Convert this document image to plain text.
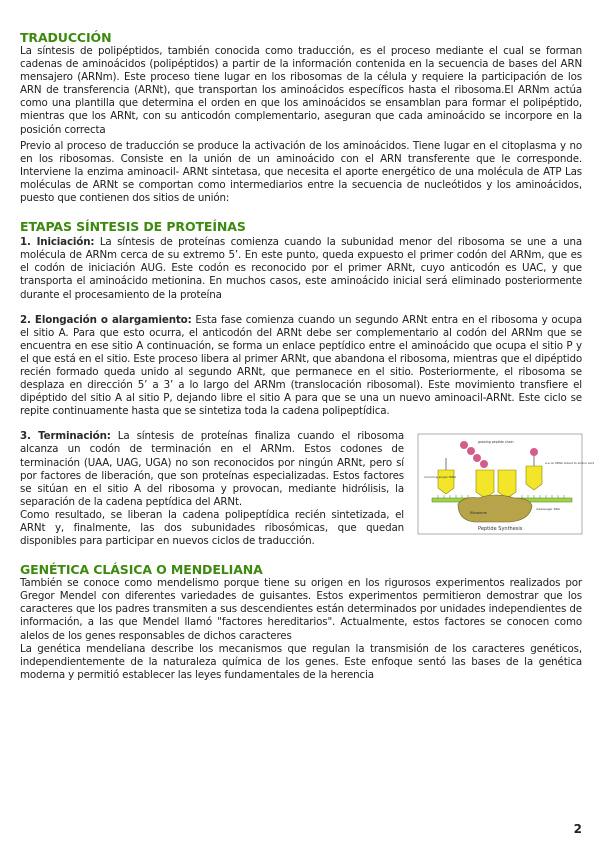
TRADUCCIÓN

La síntesis de polipéptidos, también conocida como traducción, es el proceso mediante el cual se forman cadenas de aminoácidos (polipéptidos) a partir de la información contenida en la secuencia de bases del ARN mensajero (ARNm). Este proceso tiene lugar en los ribosomas de la célula y requiere la participación de los ARN de transferencia (ARNt), que transportan los aminoácidos específicos hasta el ribosoma.El ARNm actúa como una plantilla que determina el orden en que los aminoácidos se ensamblan para formar el polipéptido, mientras que los ARNt, con su anticodón complementario, aseguran que cada aminoácido se incorpore en la posición correcta

Previo al proceso de traducción se produce la activación de los aminoácidos. Tiene lugar en el citoplasma y no en los ribosomas. Consiste en la unión de un aminoácido con el ARN transferente que le corresponde. Interviene la enzima aminoacil- ARNt sintetasa, que necesita el aporte energético de una molécula de ATP Las moléculas de ARNt se comportan como intermediarios entre la secuencia de nucleótidos y los aminoácidos, puesto que contienen dos sitios de unión:

ETAPAS SÍNTESIS DE PROTEÍNAS

1. Iniciación: La síntesis de proteínas comienza cuando la subunidad menor del ribosoma se une a una molécula de ARNm cerca de su extremo 5’. En este punto, queda expuesto el primer codón del ARNm, que es el codón de iniciación AUG. Este codón es reconocido por el primer ARNt, cuyo anticodón es UAC, y que transporta el aminoácido metionina. En muchos casos, este aminoácido inicial será eliminado posteriormente durante el procesamiento de la proteína

2. Elongación o alargamiento: Esta fase comienza cuando un segundo ARNt entra en el ribosoma y ocupa el sitio A. Para que esto ocurra, el anticodón del ARNt debe ser complementario al codón del ARNm que se encuentra en ese sitio A continuación, se forma un enlace peptídico entre el aminoácido que ocupa el sitio P y el que está en el sitio. Este proceso libera al primer ARNt, que abandona el ribosoma, mientras que el dipéptido recién formado queda unido al segundo ARNt, que permanece en el sitio. Posteriormente, el ribosoma se desplaza en dirección 5’ a 3’ a lo largo del ARNm (translocación ribosomal). Este movimiento transfiere el dipéptido del sitio A al sitio P, dejando libre el sitio A para que se una un nuevo aminoacil-ARNt. Este ciclo se repite continuamente hasta que se sintetiza toda la cadena polipeptídica.

3. Terminación: La síntesis de proteínas finaliza cuando el ribosoma alcanza un codón de terminación en el ARNm. Estos codones de terminación (UAA, UAG, UGA) no son reconocidos por ningún ARNt, pero sí por factores de liberación, que son proteínas especializadas. Estos factores se sitúan en el sitio A del ribosoma y provocan, mediante hidrólisis, la separación de la cadena peptídica del ARNt.

Como resultado, se liberan la cadena polipeptídica recién sintetizada, el ARNt y, finalmente, las dos subunidades ribosómicas, que quedan disponibles para participar en nuevos ciclos de traducción.

growing peptide chain
incoming single tRNA
a.a on tRNA linked to amino acid
Ribosome
messenger RNA
Peptide Synthesis
GENÉTICA CLÁSICA O MENDELIANA

También se conoce como mendelismo porque tiene su origen en los rigurosos experimentos realizados por Gregor Mendel con diferentes variedades de guisantes. Estos experimentos permitieron demostrar que los caracteres que los padres transmiten a sus descendientes están determinados por unidades independientes de información, a las que Mendel llamó "factores hereditarios". Actualmente, estos factores se conocen como alelos de los genes responsables de dichos caracteres

La genética mendeliana describe los mecanismos que regulan la transmisión de los caracteres genéticos, independientemente de la naturaleza química de los genes. Este enfoque sentó las bases de la genética moderna y permitió establecer las leyes fundamentales de la herencia

2
